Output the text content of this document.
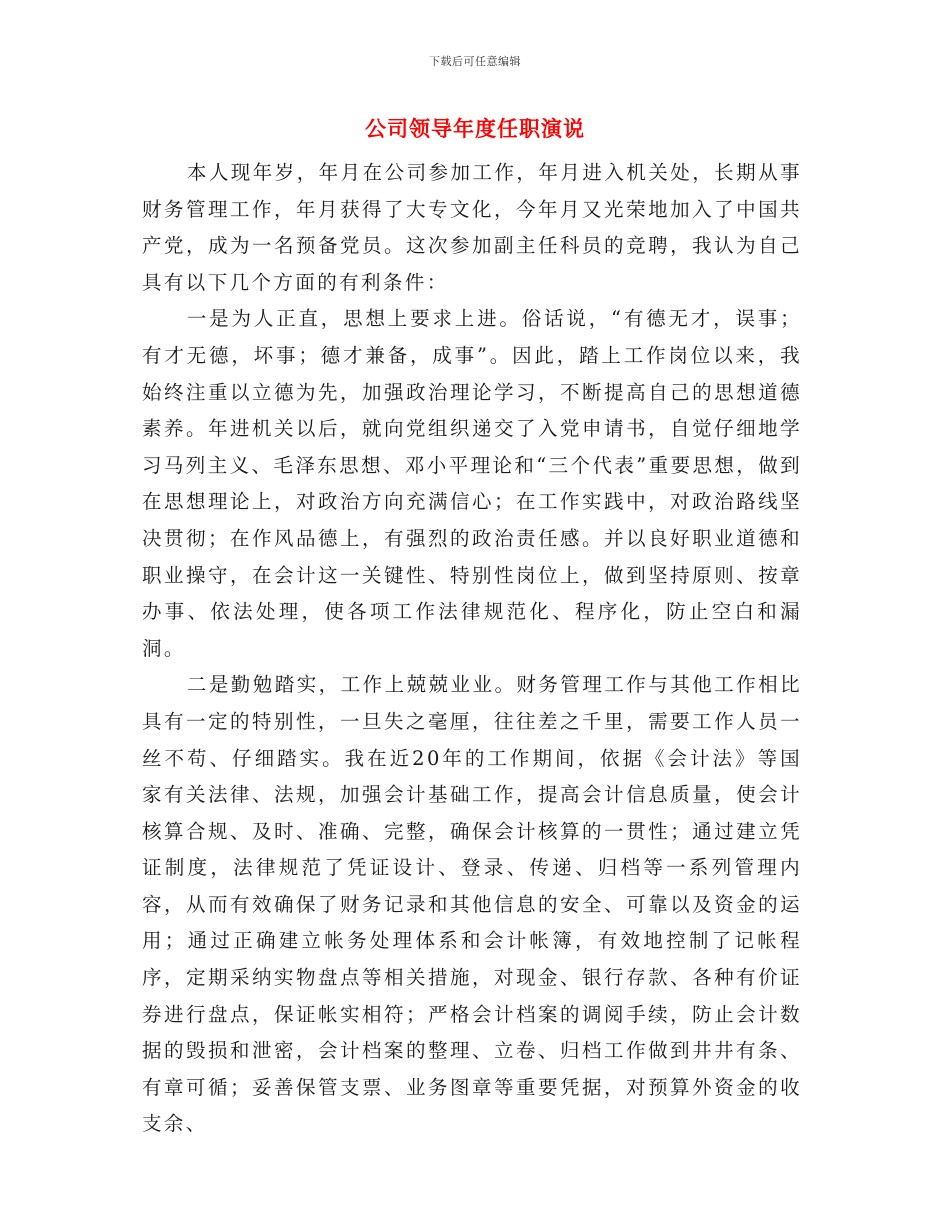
下载后可任意编辑
公司领导年度任职演说

本人现年岁，年月在公司参加工作，年月进入机关处，长期从事财务管理工作，年月获得了大专文化，今年月又光荣地加入了中国共产党，成为一名预备党员。这次参加副主任科员的竞聘，我认为自己具有以下几个方面的有利条件：

一是为人正直，思想上要求上进。俗话说，“有德无才，误事；有才无德，坏事；德才兼备，成事”。因此，踏上工作岗位以来，我始终注重以立德为先，加强政治理论学习，不断提高自己的思想道德素养。年进机关以后，就向党组织递交了入党申请书，自觉仔细地学习马列主义、毛泽东思想、邓小平理论和“三个代表”重要思想，做到在思想理论上，对政治方向充满信心；在工作实践中，对政治路线坚决贯彻；在作风品德上，有强烈的政治责任感。并以良好职业道德和职业操守，在会计这一关键性、特别性岗位上，做到坚持原则、按章办事、依法处理，使各项工作法律规范化、程序化，防止空白和漏洞。

二是勤勉踏实，工作上兢兢业业。财务管理工作与其他工作相比具有一定的特别性，一旦失之毫厘，往往差之千里，需要工作人员一丝不苟、仔细踏实。我在近20年的工作期间，依据《会计法》等国家有关法律、法规，加强会计基础工作，提高会计信息质量，使会计核算合规、及时、准确、完整，确保会计核算的一贯性；通过建立凭证制度，法律规范了凭证设计、登录、传递、归档等一系列管理内容，从而有效确保了财务记录和其他信息的安全、可靠以及资金的运用；通过正确建立帐务处理体系和会计帐簿，有效地控制了记帐程序，定期采纳实物盘点等相关措施，对现金、银行存款、各种有价证券进行盘点，保证帐实相符；严格会计档案的调阅手续，防止会计数据的毁损和泄密，会计档案的整理、立卷、归档工作做到井井有条、有章可循；妥善保管支票、业务图章等重要凭据，对预算外资金的收支余、
